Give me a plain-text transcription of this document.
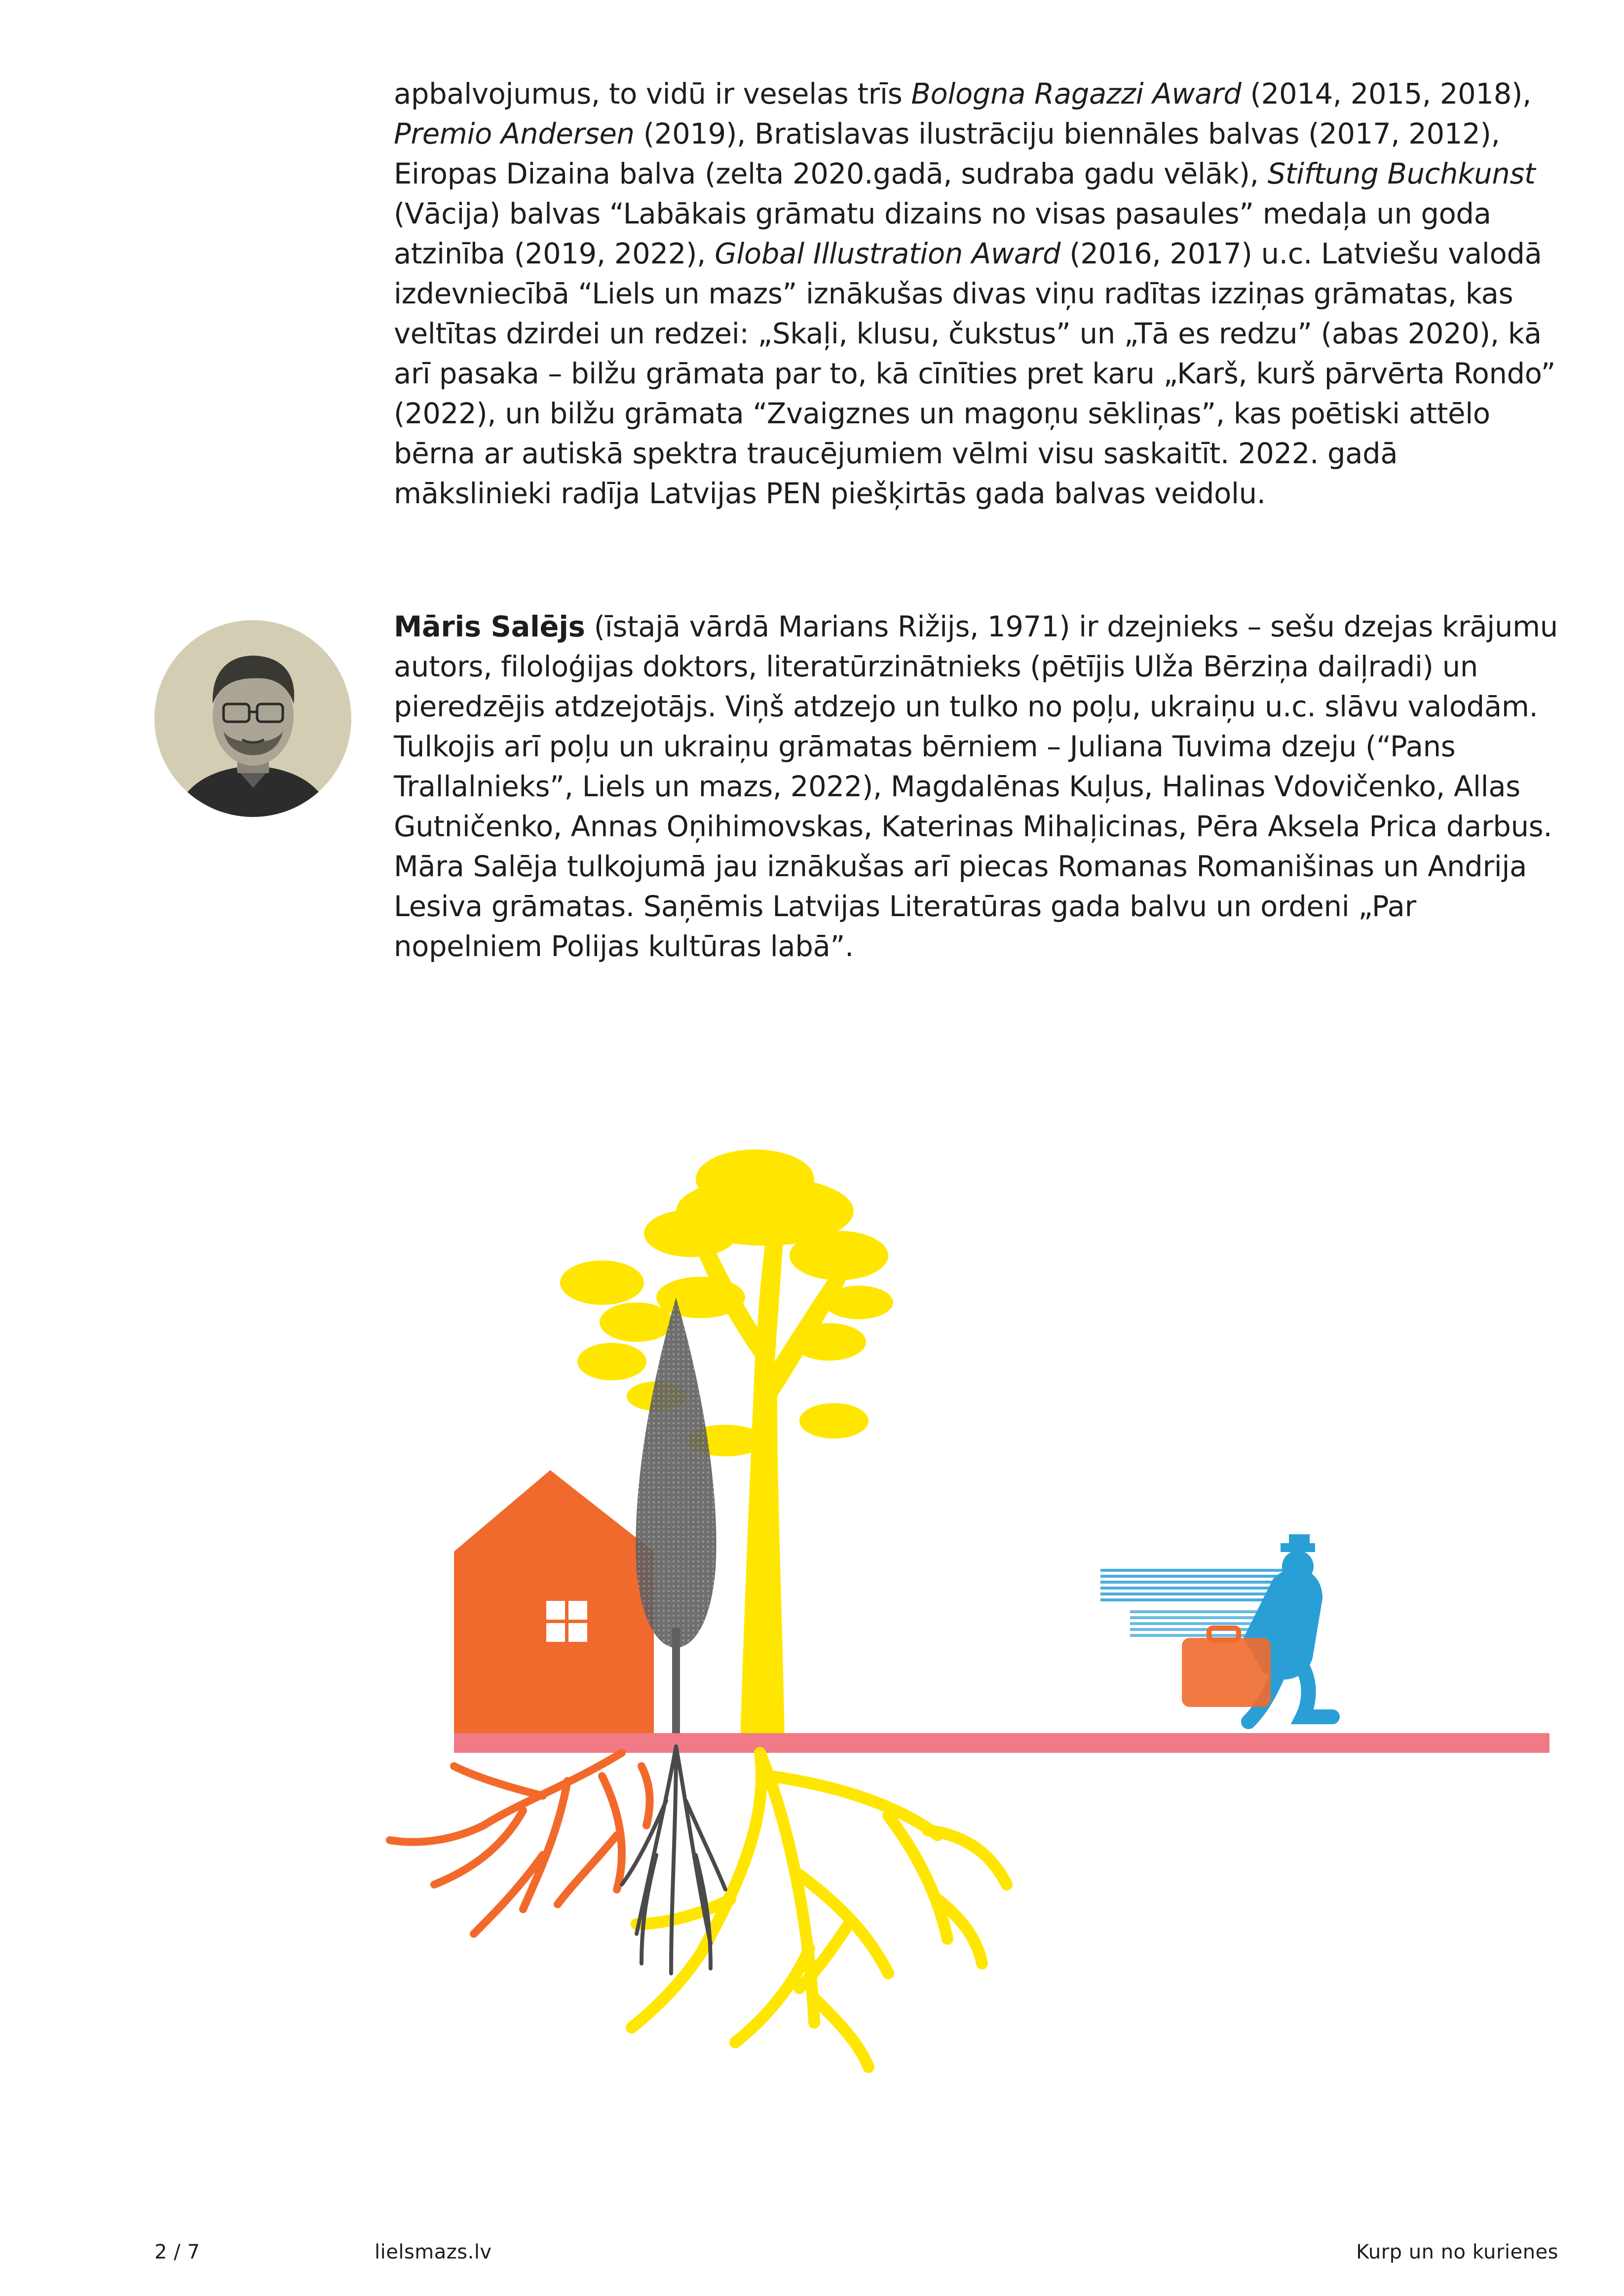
apbalvojumus, to vidū ir veselas trīs Bologna Ragazzi Award (2014, 2015, 2018), Premio Andersen (2019), Bratislavas ilustrāciju biennāles balvas (2017, 2012), Eiropas Dizaina balva (zelta 2020.gadā, sudraba gadu vēlāk), Stiftung Buchkunst (Vācija) balvas “Labākais grāmatu dizains no visas pasaules” medaļa un goda atzinība (2019, 2022), Global Illustration Award (2016, 2017) u.c. Latviešu valodā izdevniecībā “Liels un mazs” iznākušas divas viņu radītas izziņas grāmatas, kas veltītas dzirdei un redzei: „Skaļi, klusu, čukstus” un „Tā es redzu” (abas 2020), kā arī pasaka – bilžu grāmata par to, kā cīnīties pret karu „Karš, kurš pārvērta Rondo” (2022), un bilžu grāmata “Zvaigznes un magoņu sēkliņas”, kas poētiski attēlo bērna ar autiskā spektra traucējumiem vēlmi visu saskaitīt. 2022. gadā mākslinieki radīja Latvijas PEN piešķirtās gada balvas veidolu.
Māris Salējs (īstajā vārdā Marians Rižijs, 1971) ir dzejnieks – sešu dzejas krājumu autors, filoloģijas doktors, literatūrzinātnieks (pētījis Ulža Bērziņa daiļradi) un pieredzējis atdzejotājs. Viņš atdzejo un tulko no poļu, ukraiņu u.c. slāvu valodām. Tulkojis arī poļu un ukraiņu grāmatas bērniem – Juliana Tuvima dzeju (“Pans Trallalnieks”, Liels un mazs, 2022), Magdalēnas Kuļus, Halinas Vdovičenko, Allas Gutničenko, Annas Oņihimovskas, Katerinas Mihaļicinas, Pēra Aksela Prica darbus. Māra Salēja tulkojumā jau iznākušas arī piecas Romanas Romanišinas un Andrija Lesiva grāmatas. Saņēmis Latvijas Literatūras gada balvu un ordeni „Par nopelniem Polijas kultūras labā”.
2 / 7	lielsmazs.lv	Kurp un no kurienes
